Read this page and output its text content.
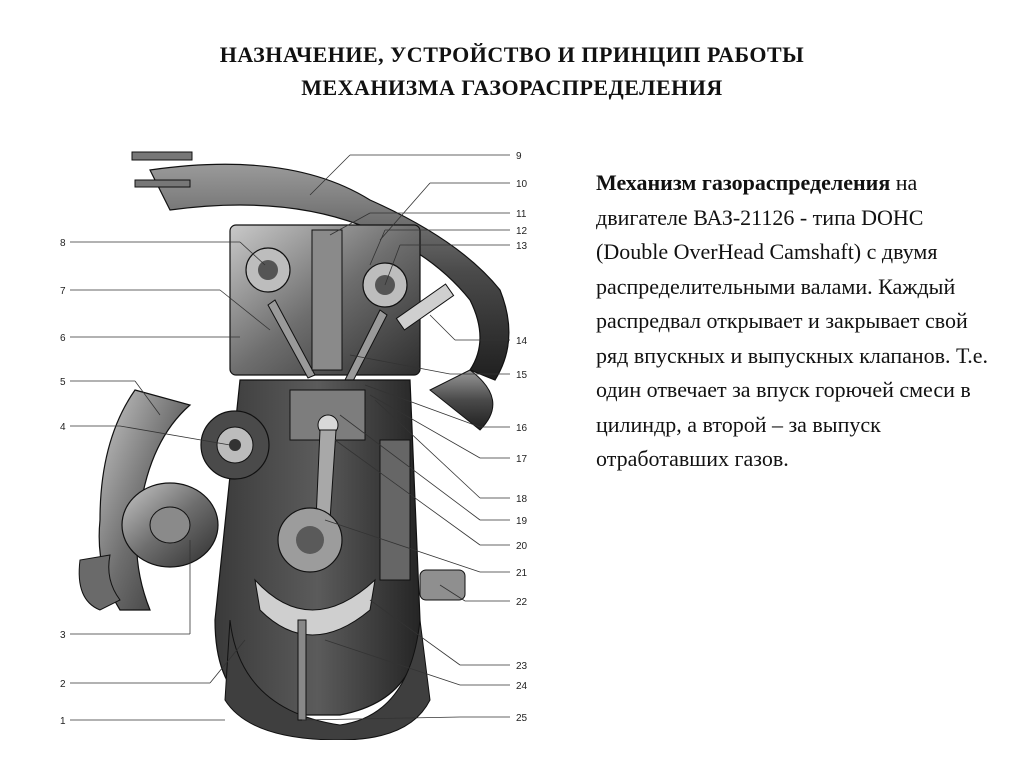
НАЗНАЧЕНИЕ, УСТРОЙСТВО И ПРИНЦИП РАБОТЫ
МЕХАНИЗМА ГАЗОРАСПРЕДЕЛЕНИЯ
8
7
6
5
4
3
2
1
9
10
11
12
13
14
15
16
17
18
19
20
21
22
23
24
25

Механизм газораспределения на двигателе ВАЗ-21126 - типа DOHC (Double OverHead Camshaft) с двумя распределительными валами. Каждый распредвал открывает и закрывает свой ряд впускных и выпускных клапанов. Т.е. один отвечает за впуск горючей смеси в цилиндр, а второй – за выпуск отработавших газов.
